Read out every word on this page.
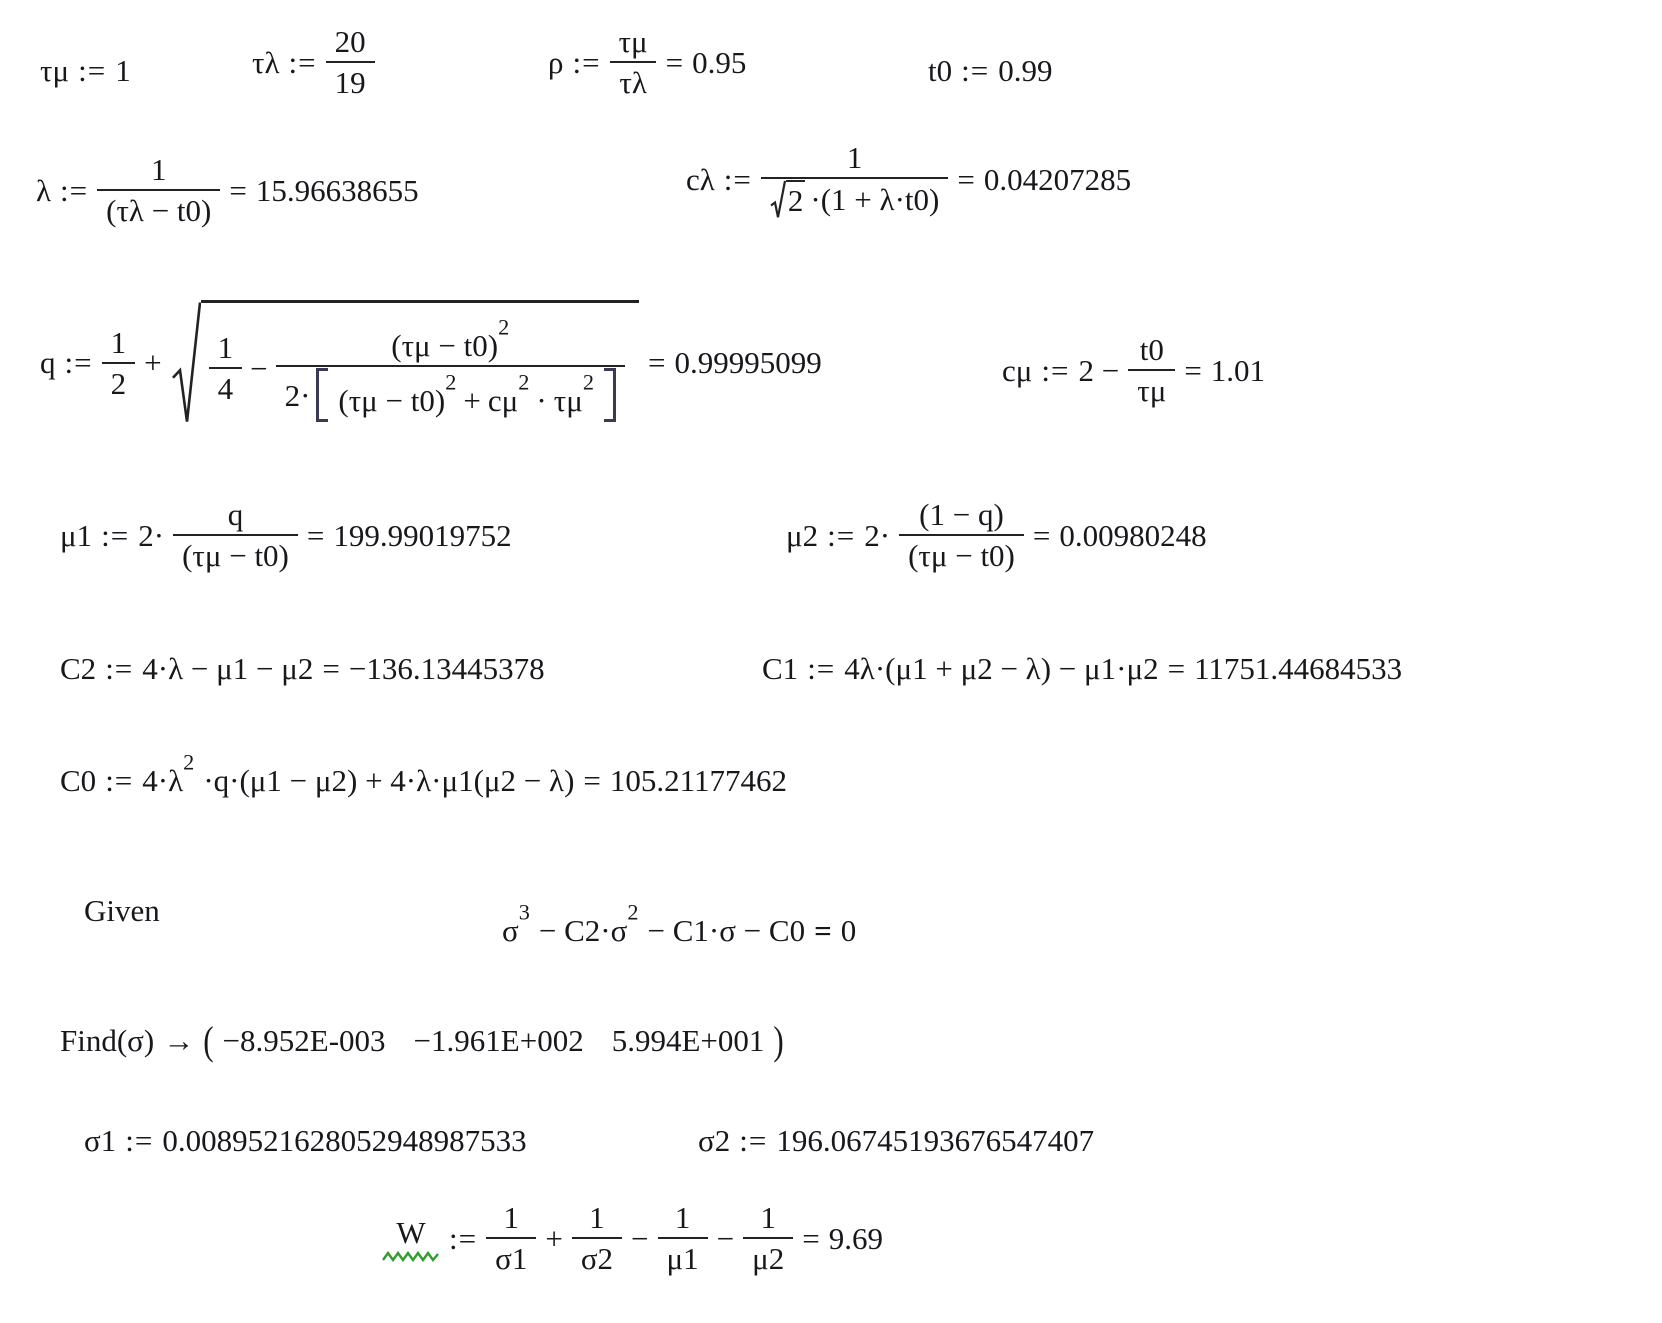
τμ := 1	τλ := $\frac{20}{19}$	ρ := $\frac{\tau\mu}{\tau\lambda} = 0.95$	t0 := 0.99
λ := $\frac{1}{(\tau\lambda - t0)} = 15.96638655$	cλ := $\frac{1}{2 \cdot(1 + \lambda\cdot t0)} = 0.04207285$
q := $\frac{1}{2} + \frac{1}{4}$ −
(τμ − t0)
2
2· (τμ − t0)
2
+ cμ
2
· τμ
2
= 0.99995099	cμ := $2 - \frac{t0}{\tau\mu} = 1.01$
μ1 := $2\cdot \frac{q}{(\tau\mu - t0)} = 199.99019752$	μ2 := $2\cdot \frac{(1 - q)}{(\tau\mu - t0)} = 0.00980248$
C2 := 4·λ − μ1 − μ2 = −136.13445378	C1 := 4λ·(μ1 + μ2 − λ) − μ1·μ2 = 11751.44684533
C0 := 4·λ
2
·q·(μ1 − μ2) + 4·λ·μ1(μ2 − λ) = 105.21177462
Given
σ
3
− C2·σ
2
− C1·σ − C0 = 0
Find(σ) → ( −8.952E-003 −1.961E+002 5.994E+001 )
σ1 := 0.0089521628052948987533	σ2 := 196.06745193676547407
W := $\frac{1}{\sigma 1} + \frac{1}{\sigma 2} - \frac{1}{\mu 1} - \frac{1}{\mu 2} = 9.69$
